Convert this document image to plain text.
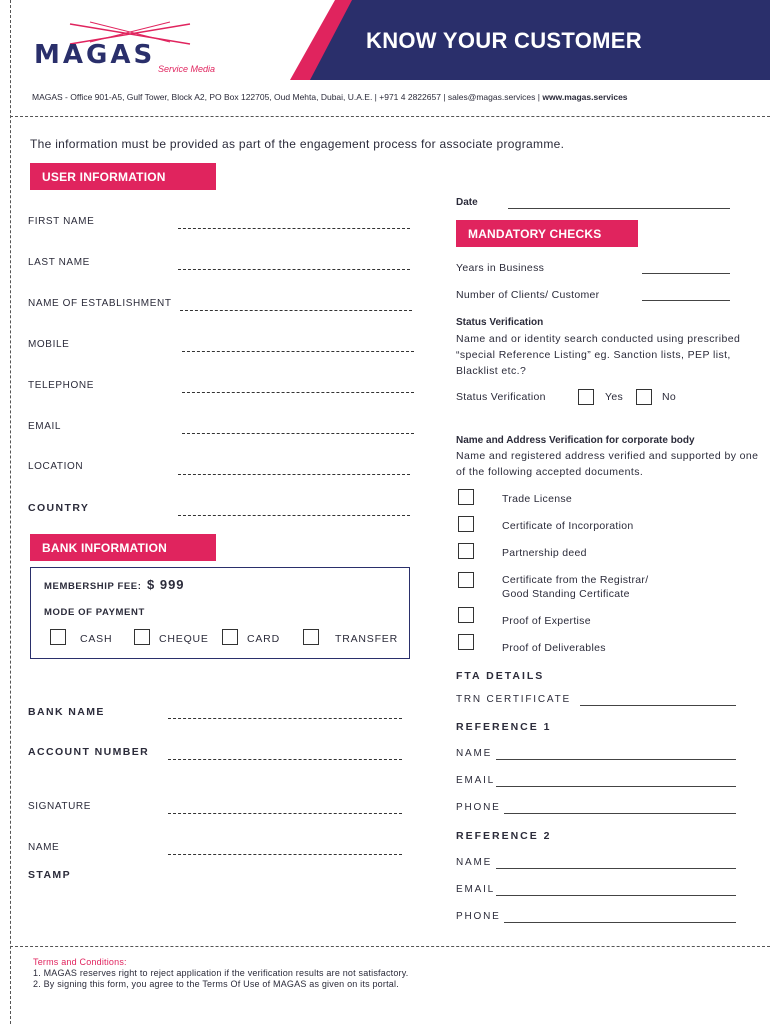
MAGAS Service Media
KNOW YOUR CUSTOMER
MAGAS - Office 901-A5, Gulf Tower, Block A2, PO Box 122705, Oud Mehta, Dubai, U.A.E. | +971 4 2822657 | sales@magas.services | www.magas.services
The information must be provided as part of the engagement process for associate programme.
USER INFORMATION
FIRST NAME
LAST NAME
NAME OF ESTABLISHMENT
MOBILE
TELEPHONE
EMAIL
LOCATION
COUNTRY
BANK INFORMATION
MEMBERSHIP FEE: $ 999
MODE OF PAYMENT
CASH	CHEQUE	CARD	TRANSFER
BANK NAME
ACCOUNT NUMBER
SIGNATURE
NAME
STAMP
Date
MANDATORY CHECKS
Years in Business
Number of Clients/ Customer
Status Verification
Name and or identity search conducted using prescribed “special Reference Listing” eg. Sanction lists, PEP list, Blacklist etc.?
Status Verification	Yes	No
Name and Address Verification for corporate body
Name and registered address verified and supported by one of the following accepted documents.
Trade License
Certificate of Incorporation
Partnership deed
Certificate from the Registrar/
Good Standing Certificate
Proof of Expertise
Proof of Deliverables
FTA DETAILS
TRN CERTIFICATE
REFERENCE 1
NAME
EMAIL
PHONE
REFERENCE 2
NAME
EMAIL
PHONE
Terms and Conditions:
1. MAGAS reserves right to reject application if the verification results are not satisfactory.
2. By signing this form, you agree to the Terms Of Use of MAGAS as given on its portal.
